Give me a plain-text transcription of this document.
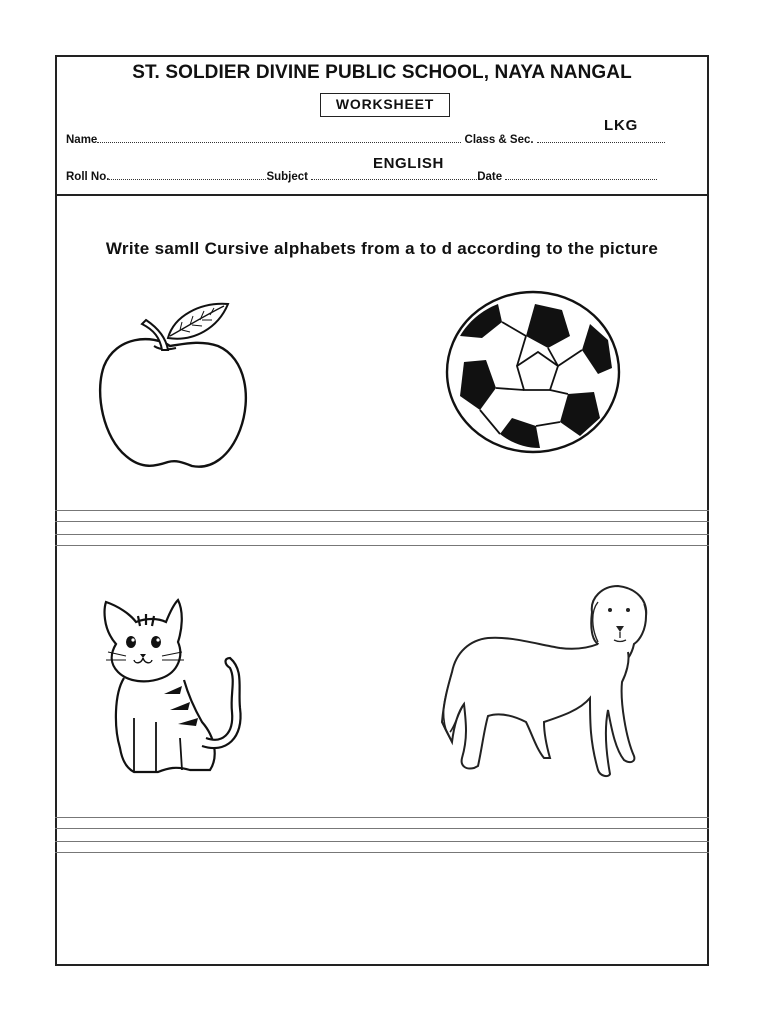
ST. SOLDIER DIVINE PUBLIC SCHOOL, NAYA NANGAL
WORKSHEET
LKG
ENGLISH
Name	Class & Sec.
Roll No.	Subject	Date
Write samll Cursive alphabets from a to d according to the picture
